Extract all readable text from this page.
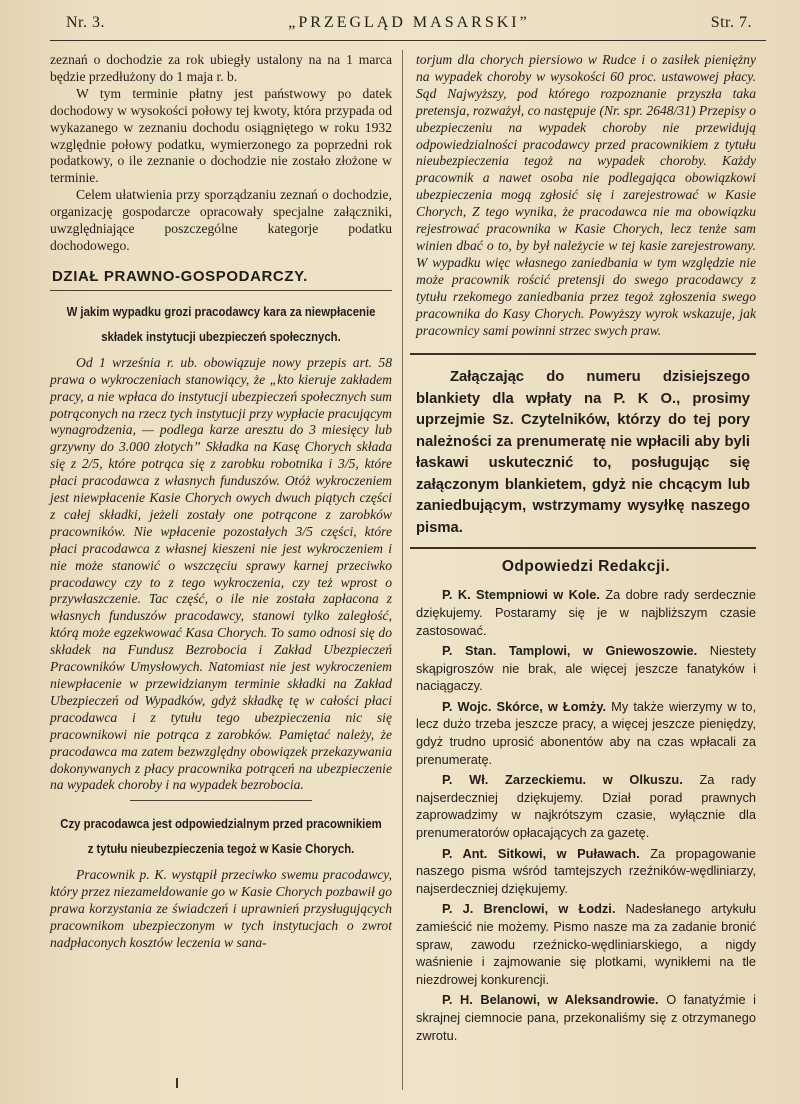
Nr. 3.	„PRZEGLĄD MASARSKI”	Str. 7.

zeznań o dochodzie za rok ubiegły ustalony na na 1 marca będzie przedłużony do 1 maja r. b.

W tym terminie płatny jest państwowy po datek dochodowy w wysokości połowy tej kwoty, która przypada od wykazanego w zeznaniu dochodu osiągniętego w roku 1932 względnie połowy podatku, wymierzonego za poprzedni rok podatkowy, o ile zeznanie o dochodzie nie zostało złożone w terminie.

Celem ułatwienia przy sporządzaniu zeznań o dochodzie, organizację gospodarcze opracowały specjalne załączniki, uwzględniające poszczególne kategorje podatku dochodowego.

DZIAŁ PRAWNO-GOSPODARCZY.
W jakim wypadku grozi pracodawcy kara za niewpłacenie
składek instytucji ubezpieczeń społecznych.

Od 1 września r. ub. obowiązuje nowy przepis art. 58 prawa o wykroczeniach stanowiący, że „kto kieruje zakładem pracy, a nie wpłaca do instytucji ubezpieczeń społecznych sum potrąconych na rzecz tych instytucji przy wypłacie pracującym wynagrodzenia, — podlega karze aresztu do 3 miesięcy lub grzywny do 3.000 złotych” Składka na Kasę Chorych składa się z 2/5, które potrąca się z zarobku robotnika i 3/5, które płaci pracodawca z własnych funduszów. Otóż wykroczeniem jest niewpłacenie Kasie Chorych owych dwuch piątych części z całej składki, jeżeli zostały one potrącone z zarobków pracowników. Nie wpłacenie pozostałych 3/5 części, które płaci pracodawca z własnej kieszeni nie jest wykroczeniem i nie może stanowić o wszczęciu sprawy karnej przeciwko pracodawcy czy to z tego wykroczenia, czy też wprost o przywłaszczenie. Tac część, o ile nie została zapłacona z własnych funduszów pracodawcy, stanowi tylko zaległość, którą może egzekwować Kasa Chorych. To samo odnosi się do składek na Fundusz Bezrobocia i Zakład Ubezpieczeń Pracowników Umysłowych. Natomiast nie jest wykroczeniem niewpłacenie w przewidzianym terminie składki na Zakład Ubezpieczeń od Wypadków, gdyż składkę tę w całości płaci pracodawca i z tytułu tego ubezpieczenia nic się pracownikowi nie potrąca z zarobków. Pamiętać należy, że pracodawca ma zatem bezwzględny obowiązek przekazywania dokonywanych z płacy pracownika potrąceń na ubezpieczenie na wypadek choroby i na wypadek bezrobocia.

Czy pracodawca jest odpowiedzialnym przed pracownikiem
z tytułu nieubezpieczenia tegoż w Kasie Chorych.

Pracownik p. K. wystąpił przeciwko swemu pracodawcy, który przez niezameldowanie go w Kasie Chorych pozbawił go prawa korzystania ze świadczeń i uprawnień przysługujących pracownikom ubezpieczonym w tych instytucjach o zwrot nadpłaconych kosztów leczenia w sana-

torjum dla chorych piersiowo w Rudce i o zasiłek pieniężny na wypadek choroby w wysokości 60 proc. ustawowej płacy. Sąd Najwyższy, pod którego rozpoznanie przyszła taka pretensja, rozważył, co następuje (Nr. spr. 2648/31) Przepisy o ubezpieczeniu na wypadek choroby nie przewidują odpowiedzialności pracodawcy przed pracownikiem z tytułu nieubezpieczenia tegoż na wypadek choroby. Każdy pracownik a nawet osoba nie podlegająca obowiązkowi ubezpieczenia mogą zgłosić się i zarejestrować w Kasie Chorych, Z tego wynika, że pracodawca nie ma obowiązku rejestrować pracownika w Kasie Chorych, lecz tenże sam winien dbać o to, by był należycie w tej kasie zarejestrowany. W wypadku więc własnego zaniedbania w tym względzie nie może pracownik rościć pretensji do swego pracodawcy z tytułu rzekomego zaniedbania przez tegoż zgłoszenia swego pracownika do Kasy Chorych. Powyższy wyrok wskazuje, jak pracownicy sami powinni strzec swych praw.

Załączając do numeru dzisiejszego blankiety dla wpłaty na P. K O., prosimy uprzejmie Sz. Czytelników, którzy do tej pory należności za prenumeratę nie wpłacili aby byli łaskawi uskutecznić to, posługując się załączonym blankietem, gdyż nie chcącym lub zaniedbującym, wstrzymamy wysyłkę naszego pisma.
Odpowiedzi Redakcji.

P. K. Stempniowi w Kole. Za dobre rady serdecznie dziękujemy. Postaramy się je w najbliższym czasie zastosować.

P. Stan. Tamplowi, w Gniewoszowie. Niestety skąpigroszów nie brak, ale więcej jeszcze fanatyków i naciągaczy.

P. Wojc. Skórce, w Łomży. My także wierzymy w to, lecz dużo trzeba jeszcze pracy, a więcej jeszcze pieniędzy, gdyż trudno uprosić abonentów aby na czas wpłacali za prenumeratę.

P. Wł. Zarzeckiemu. w Olkuszu. Za rady najserdeczniej dziękujemy. Dział porad prawnych zaprowadzimy w najkrótszym czasie, wyłącznie dla prenumeratorów opłacających za gazetę.

P. Ant. Sitkowi, w Puławach. Za propagowanie naszego pisma wśród tamtejszych rzeźników-wędliniarzy, najserdeczniej dziękujemy.

P. J. Brenclowi, w Łodzi. Nadesłanego artykułu zamieścić nie możemy. Pismo nasze ma za zadanie bronić spraw, zawodu rzeźnicko-wędliniarskiego, a nigdy waśnienie i zajmowanie się plotkami, wynikłemi na tle niezdrowej konkurencji.

P. H. Belanowi, w Aleksandrowie. O fanatyźmie i skrajnej ciemnocie pana, przekonaliśmy się z otrzymanego zwrotu.
